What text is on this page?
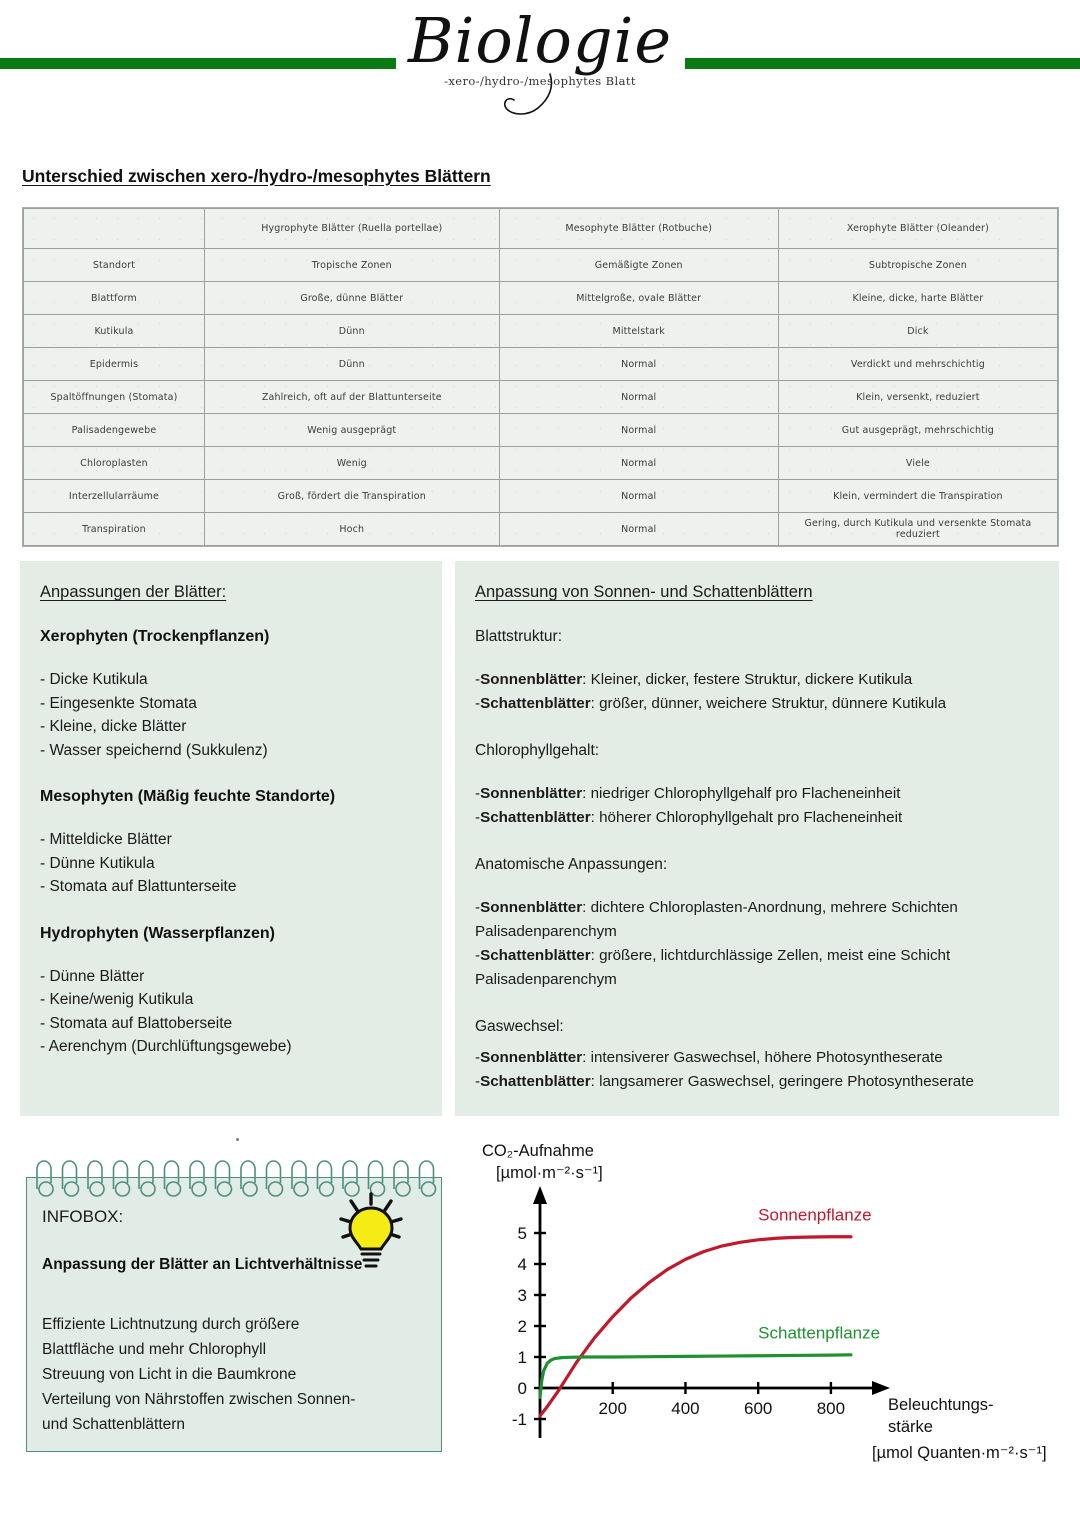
Biologie
-xero-/hydro-/mesophytes Blatt
Unterschied zwischen xero-/hydro-/mesophytes Blättern
	Hygrophyte Blätter (Ruella portellae)	Mesophyte Blätter (Rotbuche)	Xerophyte Blätter (Oleander)
Standort	Tropische Zonen	Gemäßigte Zonen	Subtropische Zonen
Blattform	Große, dünne Blätter	Mittelgroße, ovale Blätter	Kleine, dicke, harte Blätter
Kutikula	Dünn	Mittelstark	Dick
Epidermis	Dünn	Normal	Verdickt und mehrschichtig
Spaltöffnungen (Stomata)	Zahlreich, oft auf der Blattunterseite	Normal	Klein, versenkt, reduziert
Palisadengewebe	Wenig ausgeprägt	Normal	Gut ausgeprägt, mehrschichtig
Chloroplasten	Wenig	Normal	Viele
Interzellularräume	Groß, fördert die Transpiration	Normal	Klein, vermindert die Transpiration
Transpiration	Hoch	Normal	Gering, durch Kutikula und versenkte Stomata reduziert
Anpassungen der Blätter:
Xerophyten (Trockenpflanzen)
- Dicke Kutikula
- Eingesenkte Stomata
- Kleine, dicke Blätter
- Wasser speichernd (Sukkulenz)
Mesophyten (Mäßig feuchte Standorte)
- Mitteldicke Blätter
- Dünne Kutikula
- Stomata auf Blattunterseite
Hydrophyten (Wasserpflanzen)
- Dünne Blätter
- Keine/wenig Kutikula
- Stomata auf Blattoberseite
- Aerenchym (Durchlüftungsgewebe)
Anpassung von Sonnen- und Schattenblättern
Blattstruktur:
-Sonnenblätter: Kleiner, dicker, festere Struktur, dickere Kutikula
-Schattenblätter: größer, dünner, weichere Struktur, dünnere Kutikula
Chlorophyllgehalt:
-Sonnenblätter: niedriger Chlorophyllgehalf pro Flacheneinheit
-Schattenblätter: höherer Chlorophyllgehalt pro Flacheneinheit
Anatomische Anpassungen:
-Sonnenblätter: dichtere Chloroplasten-Anordnung, mehrere Schichten Palisadenparenchym
-Schattenblätter: größere, lichtdurchlässige Zellen, meist eine Schicht Palisadenparenchym
Gaswechsel:
-Sonnenblätter: intensiverer Gaswechsel, höhere Photosyntheserate
-Schattenblätter: langsamerer Gaswechsel, geringere Photosyntheserate
INFOBOX:
Anpassung der Blätter an Lichtverhältnisse
Effiziente Lichtnutzung durch größere
Blattfläche und mehr Chlorophyll
Streuung von Licht in die Baumkrone
Verteilung von Nährstoffen zwischen Sonnen-
und Schattenblättern
CO₂-Aufnahme
[µmol·m⁻²·s⁻¹]
-1
0
1
2
3
4
5
200	400	600	800
Sonnenpflanze
Schattenpflanze
Beleuchtungs-
stärke
[µmol Quanten·m⁻²·s⁻¹]
